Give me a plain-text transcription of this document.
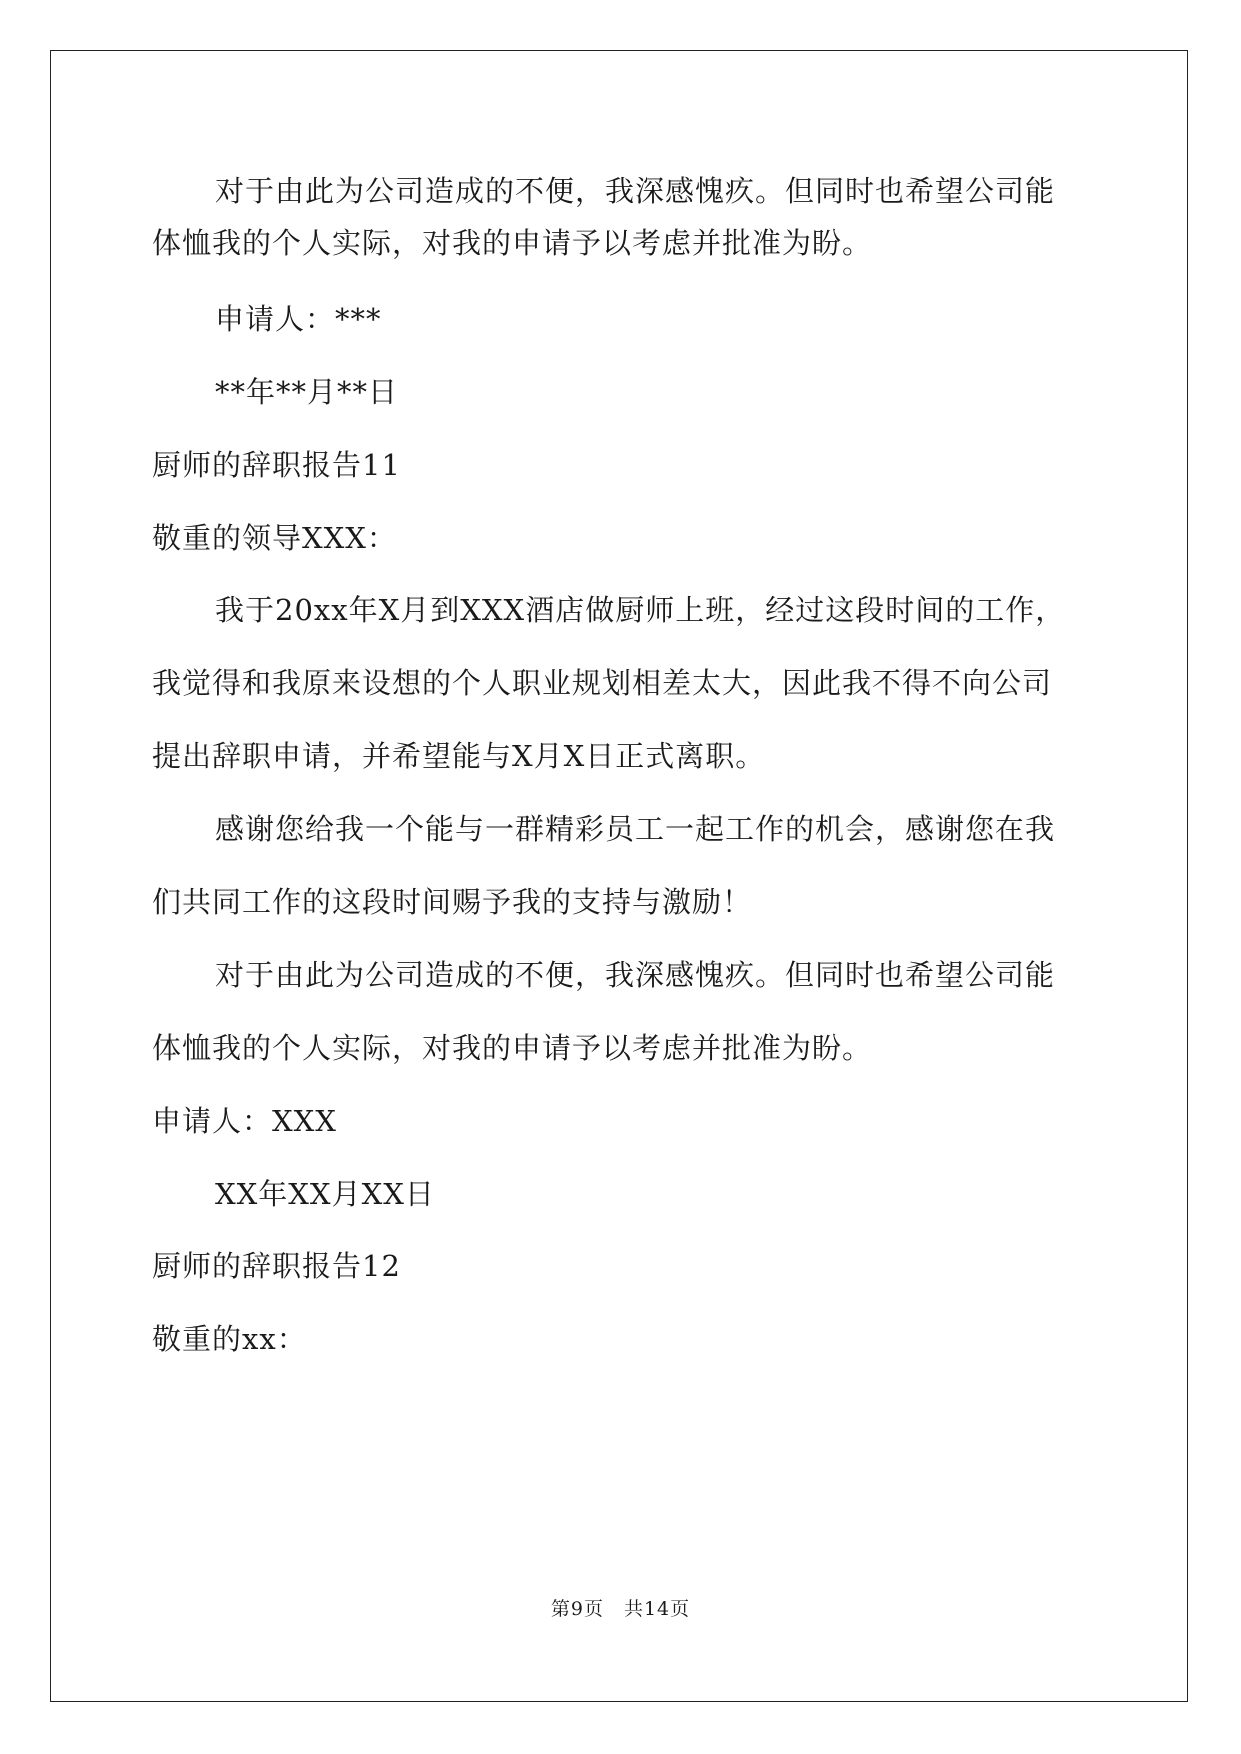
对于由此为公司造成的不便，我深感愧疚。但同时也希望公司能
体恤我的个人实际，对我的申请予以考虑并批准为盼。
申请人：***
**年**月**日
厨师的辞职报告11
敬重的领导XXX：
我于20xx年X月到XXX酒店做厨师上班，经过这段时间的工作，
我觉得和我原来设想的个人职业规划相差太大，因此我不得不向公司
提出辞职申请，并希望能与X月X日正式离职。
感谢您给我一个能与一群精彩员工一起工作的机会，感谢您在我
们共同工作的这段时间赐予我的支持与激励！
对于由此为公司造成的不便，我深感愧疚。但同时也希望公司能
体恤我的个人实际，对我的申请予以考虑并批准为盼。
申请人：XXX
XX年XX月XX日
厨师的辞职报告12
敬重的xx：
第9页　共14页
